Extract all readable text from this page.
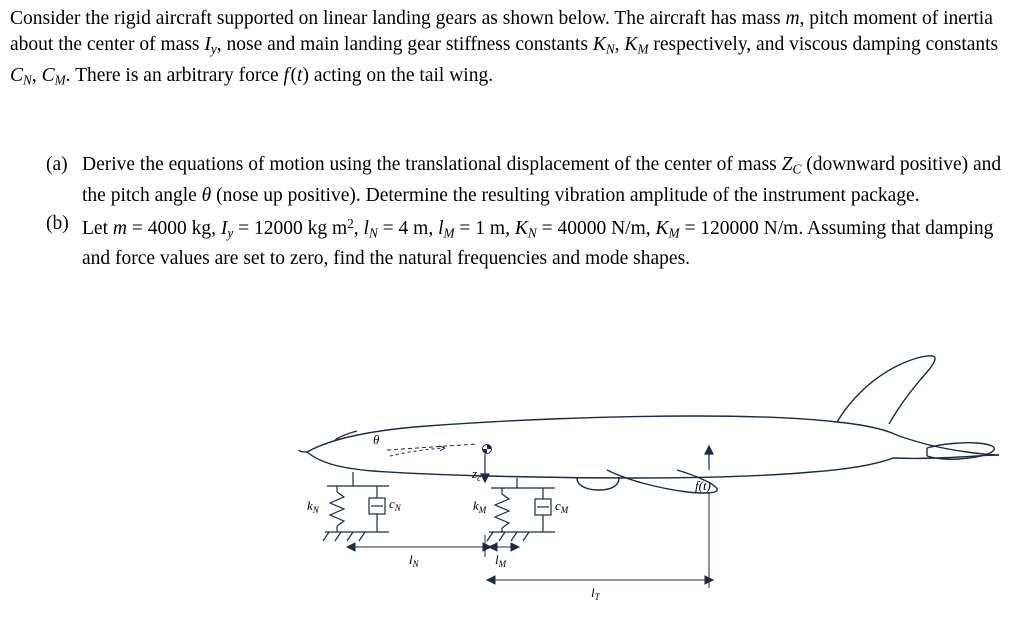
Consider the rigid aircraft supported on linear landing gears as shown below. The aircraft has mass m, pitch moment of inertia about the center of mass $I_y$, nose and main landing gear stiffness constants $K_N$, $K_M$ respectively, and viscous damping constants $C_N$, $C_M$. There is an arbitrary force f (t) acting on the tail wing.
(a) Derive the equations of motion using the translational displacement of the center of mass $Z_C$ (downward positive) and the pitch angle θ (nose up positive). Determine the resulting vibration amplitude of the instrument package.
(b) Let m = 4000 kg, $I_y = 12000$ kg $m^2$, $l_N = 4$ m, $l_M = 1$ m, $K_N = 40000$ N/m, $K_M = 120000$ N/m. Assuming that damping and force values are set to zero, find the natural frequencies and mode shapes.
θ
$z_c$
$k_N$	$c_N$	$k_M$	$c_M$
f(t)
$l_N$	$l_M$
$l_T$
